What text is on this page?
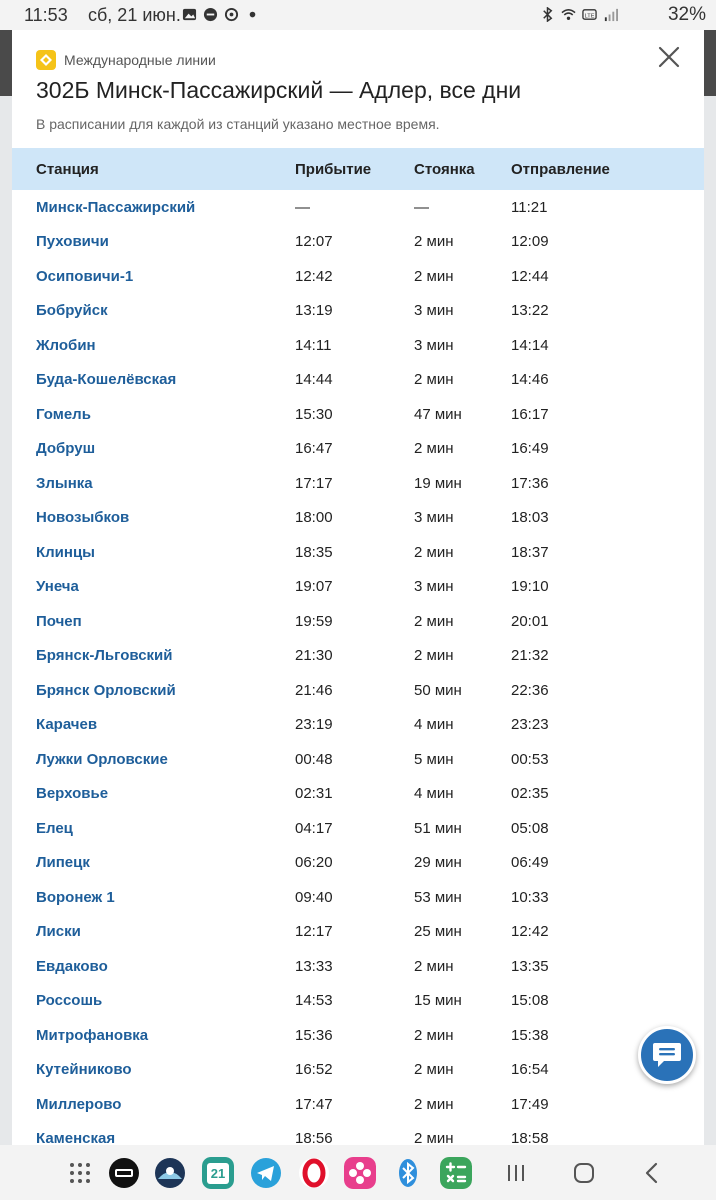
11:53 сб, 21 июн.	LTE	32%
Международные линии
302Б Минск-Пассажирский — Адлер, все дни

В расписании для каждой из станций указано местное время.

Станция	Прибытие	Стоянка	Отправление
Минск-Пассажирский	—	—	11:21
Пуховичи	12:07	2 мин	12:09
Осиповичи-1	12:42	2 мин	12:44
Бобруйск	13:19	3 мин	13:22
Жлобин	14:11	3 мин	14:14
Буда-Кошелёвская	14:44	2 мин	14:46
Гомель	15:30	47 мин	16:17
Добруш	16:47	2 мин	16:49
Злынка	17:17	19 мин	17:36
Новозыбков	18:00	3 мин	18:03
Клинцы	18:35	2 мин	18:37
Унеча	19:07	3 мин	19:10
Почеп	19:59	2 мин	20:01
Брянск-Льговский	21:30	2 мин	21:32
Брянск Орловский	21:46	50 мин	22:36
Карачев	23:19	4 мин	23:23
Лужки Орловские	00:48	5 мин	00:53
Верховье	02:31	4 мин	02:35
Елец	04:17	51 мин	05:08
Липецк	06:20	29 мин	06:49
Воронеж 1	09:40	53 мин	10:33
Лиски	12:17	25 мин	12:42
Евдаково	13:33	2 мин	13:35
Россошь	14:53	15 мин	15:08
Митрофановка	15:36	2 мин	15:38
Кутейниково	16:52	2 мин	16:54
Миллерово	17:47	2 мин	17:49
Каменская	18:56	2 мин	18:58
21
